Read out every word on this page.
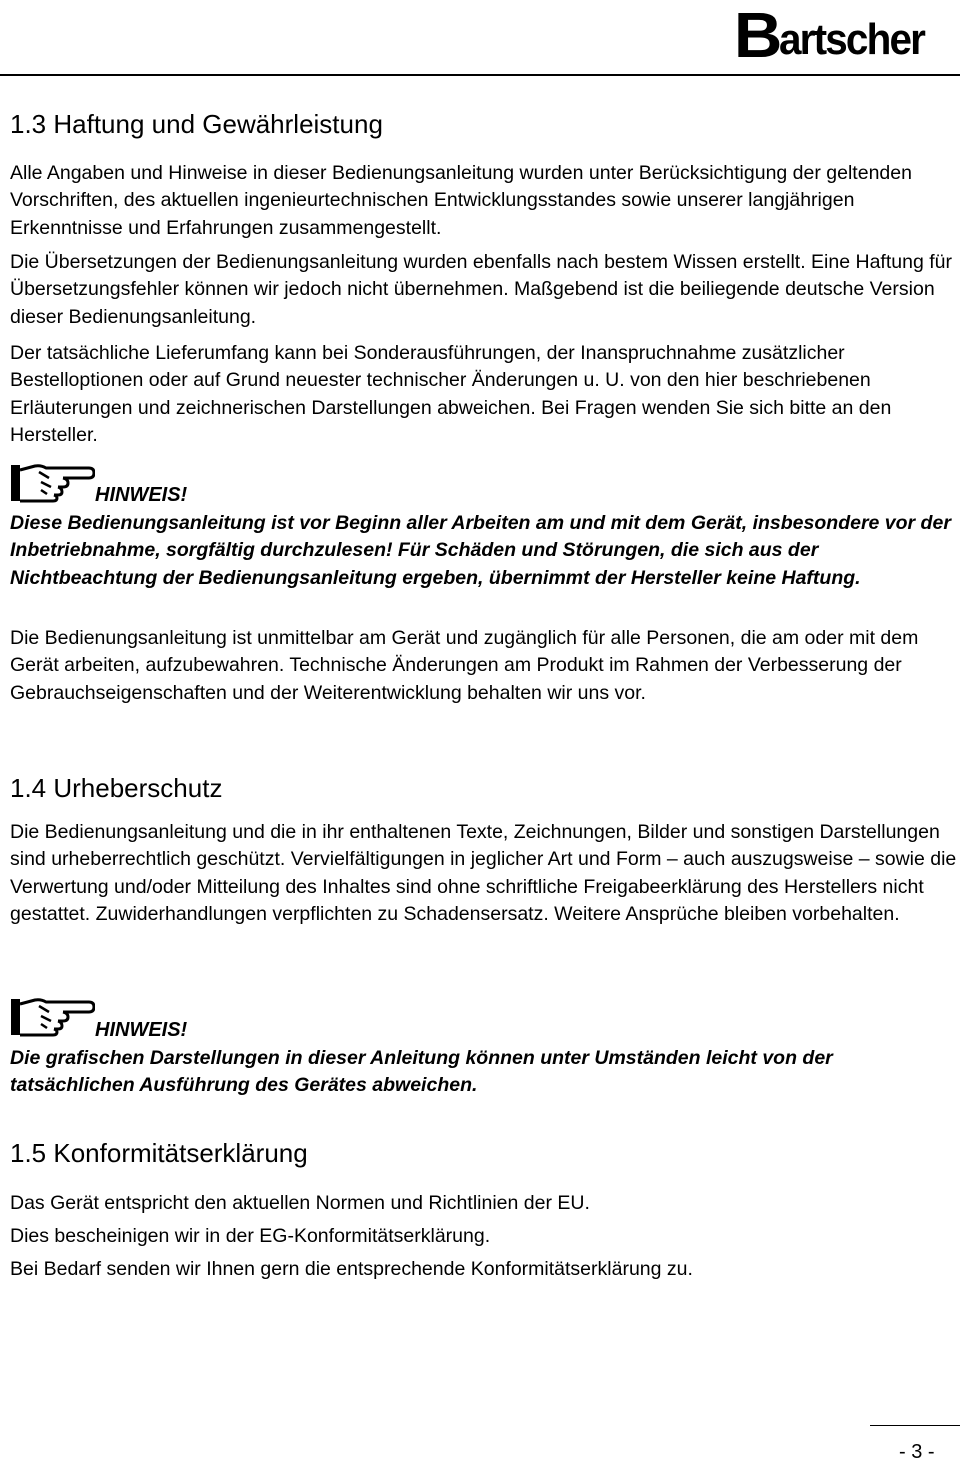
B
artscher
1.3 Haftung und Gewährleistung

Alle Angaben und Hinweise in dieser Bedienungsanleitung wurden unter Berücksichtigung der geltenden Vorschriften, des aktuellen ingenieurtechnischen Entwicklungsstandes sowie unserer langjährigen Erkenntnisse und Erfahrungen zusammengestellt.

Die Übersetzungen der Bedienungsanleitung wurden ebenfalls nach bestem Wissen erstellt. Eine Haftung für Übersetzungsfehler können wir jedoch nicht übernehmen. Maßgebend ist die beiliegende deutsche Version dieser Bedienungsanleitung.

Der tatsächliche Lieferumfang kann bei Sonderausführungen, der Inanspruchnahme zusätzlicher Bestelloptionen oder auf Grund neuester technischer Änderungen u. U. von den hier beschriebenen Erläuterungen und zeichnerischen Darstellungen abweichen. Bei Fragen wenden Sie sich bitte an den Hersteller.

HINWEIS!

Diese Bedienungsanleitung ist vor Beginn aller Arbeiten am und mit dem Gerät, insbesondere vor der Inbetriebnahme, sorgfältig durchzulesen! Für Schäden und Störungen, die sich aus der Nichtbeachtung der Bedienungsanleitung ergeben, übernimmt der Hersteller keine Haftung.

Die Bedienungsanleitung ist unmittelbar am Gerät und zugänglich für alle Personen, die am oder mit dem Gerät arbeiten, aufzubewahren. Technische Änderungen am Produkt im Rahmen der Verbesserung der Gebrauchseigenschaften und der Weiterentwicklung behalten wir uns vor.

1.4 Urheberschutz

Die Bedienungsanleitung und die in ihr enthaltenen Texte, Zeichnungen, Bilder und sonstigen Darstellungen sind urheberrechtlich geschützt. Vervielfältigungen in jeglicher Art und Form – auch auszugsweise – sowie die Verwertung und/oder Mitteilung des Inhaltes sind ohne schriftliche Freigabeerklärung des Herstellers nicht gestattet. Zuwiderhandlungen verpflichten zu Schadensersatz. Weitere Ansprüche bleiben vorbehalten.

HINWEIS!

Die grafischen Darstellungen in dieser Anleitung können unter Umständen leicht von der tatsächlichen Ausführung des Gerätes abweichen.

1.5 Konformitätserklärung

Das Gerät entspricht den aktuellen Normen und Richtlinien der EU.

Dies bescheinigen wir in der EG-Konformitätserklärung.

Bei Bedarf senden wir Ihnen gern die entsprechende Konformitätserklärung zu.

- 3 -
